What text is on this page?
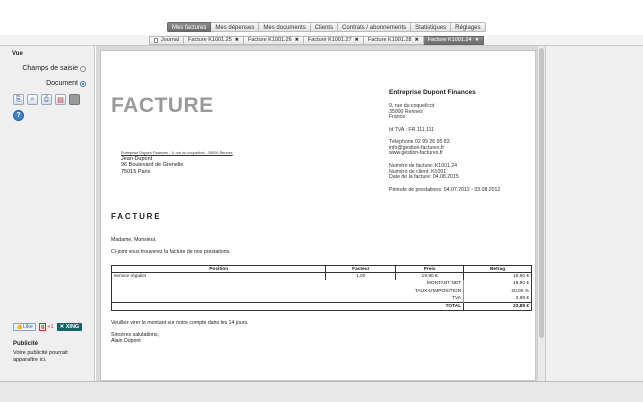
Mes factures	Mes dépenses	Mes documents	Clients	Contrats / abonnements	Statistiques	Réglages
Journal Facture K1001.25 ✖ Facture K1001.26 ✖ Facture K1001.27 ✖ Facture K1001.28 ✖ Facture K1001.24 ▼
Vue
Champs de saisie
Document
⎘	⌕	⎙	▤
?
👍Like	g +1	✕ XING
Publicité
Votre publicité pourrait apparaître ici.
FACTURE
Entreprise Dupont Finances
9, rue du coquelicot
35000 Rennes
France
Id TVA : FR 111 111
Téléphone 02 99 26 95 83
info@gestion-factures.fr
www.gestion-factures.fr
Numéro de facture: K1001.24
Numéro de client: K1001
Date de la facture: 04.08.2015
Période de prestations: 04.07.2012 - 03.08.2012
Entreprise Dupont Finances - 9, rue du coquelicot - 35000 Rennes
Jean Dupont
96 Boulevard de Grenelle
75015 Paris
FACTURE
Madame, Monsieur,
Ci-joint vous trouverez la facture de nos prestations.
Position	Facteur	Preis	Betrag
service régulier	1,00	19,90 €	19,90 €
		MONTANT NET	19,90 €
		TAUX D'IMPOSITION	20,00 %
		TVA	3,98 €
		TOTAL	23,88 €
Veuillez virer le montant sur notre compte dans les 14 jours.
Sincères salutations,
Alain Dupont
